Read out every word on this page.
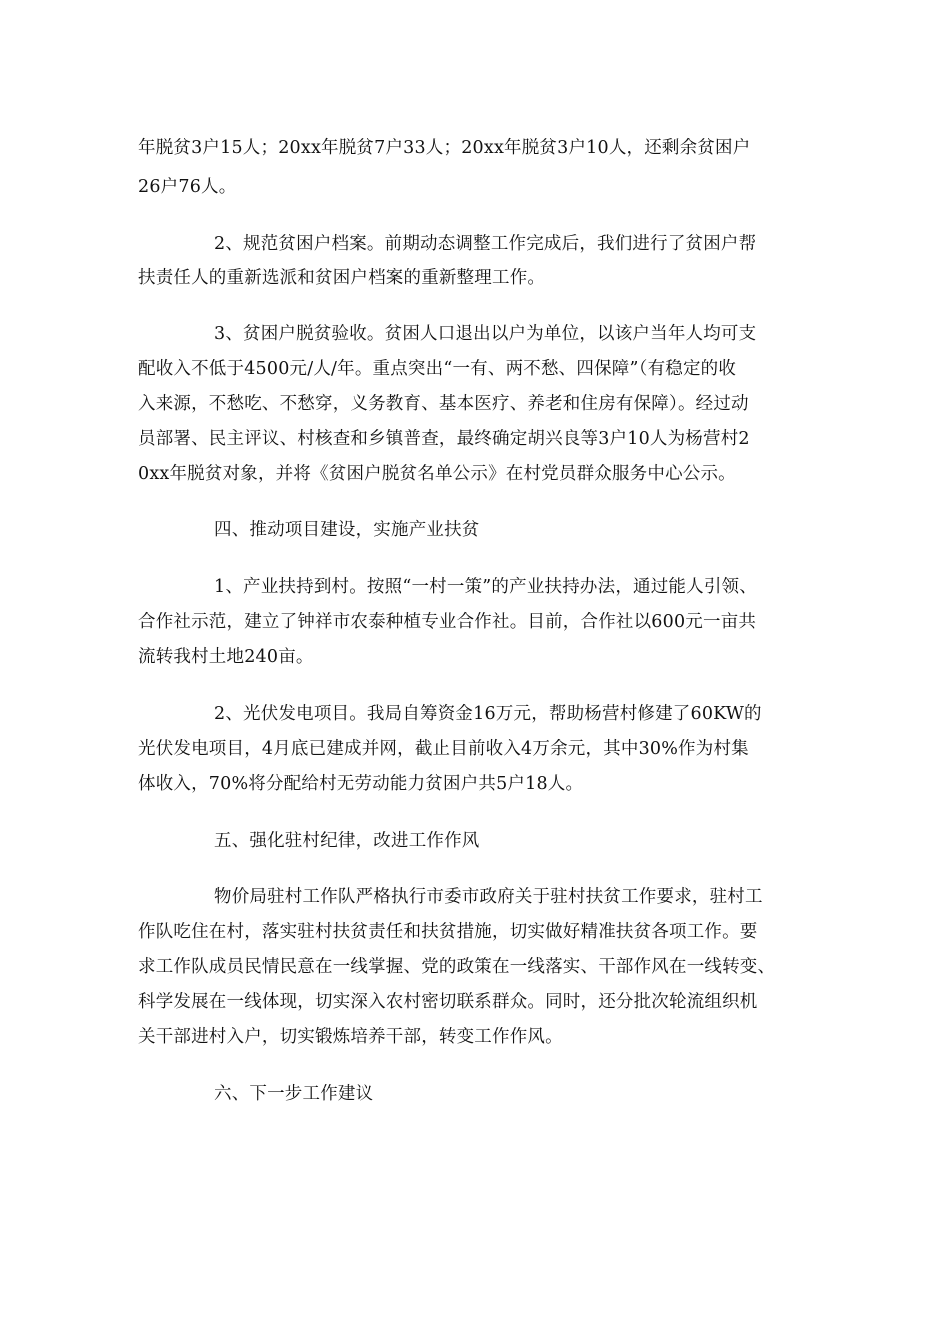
年脱贫3户15人；20xx年脱贫7户33人；20xx年脱贫3户10人，还剩余贫困户
26户76人。
2、规范贫困户档案。前期动态调整工作完成后，我们进行了贫困户帮
扶责任人的重新选派和贫困户档案的重新整理工作。
3、贫困户脱贫验收。贫困人口退出以户为单位，以该户当年人均可支
配收入不低于4500元/人/年。重点突出“一有、两不愁、四保障”（有稳定的收
入来源，不愁吃、不愁穿，义务教育、基本医疗、养老和住房有保障）。经过动
员部署、民主评议、村核查和乡镇普查，最终确定胡兴良等3户10人为杨营村2
0xx年脱贫对象，并将《贫困户脱贫名单公示》在村党员群众服务中心公示。
四、推动项目建设，实施产业扶贫
1、产业扶持到村。按照“一村一策”的产业扶持办法，通过能人引领、
合作社示范，建立了钟祥市农泰种植专业合作社。目前，合作社以600元一亩共
流转我村土地240亩。
2、光伏发电项目。我局自筹资金16万元，帮助杨营村修建了60KW的
光伏发电项目，4月底已建成并网，截止目前收入4万余元，其中30%作为村集
体收入，70%将分配给村无劳动能力贫困户共5户18人。
五、强化驻村纪律，改进工作作风
物价局驻村工作队严格执行市委市政府关于驻村扶贫工作要求，驻村工
作队吃住在村，落实驻村扶贫责任和扶贫措施，切实做好精准扶贫各项工作。要
求工作队成员民情民意在一线掌握、党的政策在一线落实、干部作风在一线转变、
科学发展在一线体现，切实深入农村密切联系群众。同时，还分批次轮流组织机
关干部进村入户，切实锻炼培养干部，转变工作作风。
六、下一步工作建议
